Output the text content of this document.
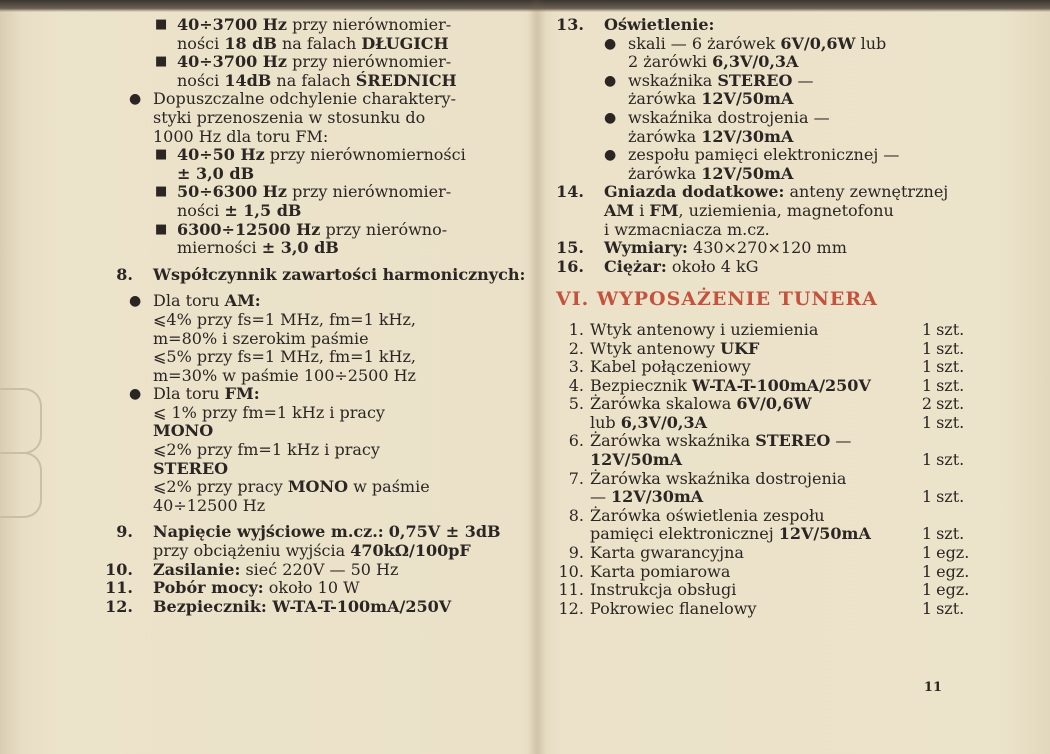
■ 40÷3700 Hz przy nierównomier-
ności 18 dB na falach DŁUGICH
■ 40÷3700 Hz przy nierównomier-
ności 14dB na falach ŚREDNICH
● Dopuszczalne odchylenie charaktery-
styki przenoszenia w stosunku do
1000 Hz dla toru FM:
■ 40÷50 Hz przy nierównomierności
± 3,0 dB
■ 50÷6300 Hz przy nierównomier-
ności ± 1,5 dB
■ 6300÷12500 Hz przy nierówno-
mierności ± 3,0 dB
8. Współczynnik zawartości harmonicznych:
● Dla toru AM:
⩽4% przy fs=1 MHz, fm=1 kHz,
m=80% i szerokim paśmie
⩽5% przy fs=1 MHz, fm=1 kHz,
m=30% w paśmie 100÷2500 Hz
● Dla toru FM:
⩽ 1% przy fm=1 kHz i pracy
MONO
⩽2% przy fm=1 kHz i pracy
STEREO
⩽2% przy pracy MONO w paśmie
40÷12500 Hz
9. Napięcie wyjściowe m.cz.: 0,75V ± 3dB
przy obciążeniu wyjścia 470kΩ/100pF
10. Zasilanie: sieć 220V — 50 Hz
11. Pobór mocy: około 10 W
12. Bezpiecznik: W-TA-T-100mA/250V
13. Oświetlenie:
● skali — 6 żarówek 6V/0,6W lub
2 żarówki 6,3V/0,3A
● wskaźnika STEREO —
żarówka 12V/50mA
● wskaźnika dostrojenia —
żarówka 12V/30mA
● zespołu pamięci elektronicznej —
żarówka 12V/50mA
14. Gniazda dodatkowe: anteny zewnętrznej
AM i FM, uziemienia, magnetofonu
i wzmacniacza m.cz.
15. Wymiary: 430×270×120 mm
16. Ciężar: około 4 kG
VI. WYPOSAŻENIE TUNERA
1.	Wtyk antenowy i uziemienia	1	szt.
2.	Wtyk antenowy UKF	1	szt.
3.	Kabel połączeniowy	1	szt.
4.	Bezpiecznik W-TA-T-100mA/250V	1	szt.
5.	Żarówka skalowa 6V/0,6W	2	szt.
	lub 6,3V/0,3A	1	szt.
6.	Żarówka wskaźnika STEREO —		
	12V/50mA	1	szt.
7.	Żarówka wskaźnika dostrojenia		
	— 12V/30mA	1	szt.
8.	Żarówka oświetlenia zespołu		
	pamięci elektronicznej 12V/50mA	1	szt.
9.	Karta gwarancyjna	1	egz.
10.	Karta pomiarowa	1	egz.
11.	Instrukcja obsługi	1	egz.
12.	Pokrowiec flanelowy	1	szt.
11
